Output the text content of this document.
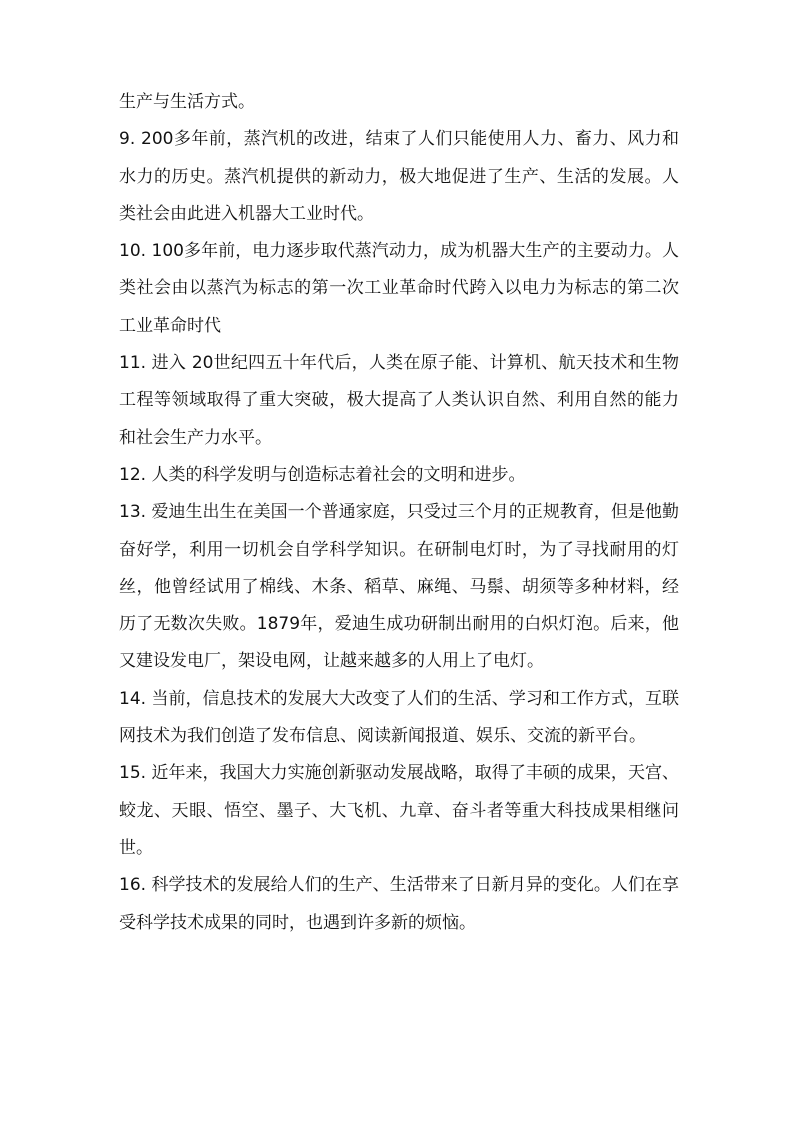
生产与生活方式。

9. 200多年前，蒸汽机的改进，结束了人们只能使用人力、畜力、风力和水力的历史。蒸汽机提供的新动力，极大地促进了生产、生活的发展。人类社会由此进入机器大工业时代。

10. 100多年前，电力逐步取代蒸汽动力，成为机器大生产的主要动力。人类社会由以蒸汽为标志的第一次工业革命时代跨入以电力为标志的第二次工业革命时代

11. 进入 20世纪四五十年代后，人类在原子能、计算机、航天技术和生物工程等领域取得了重大突破，极大提高了人类认识自然、利用自然的能力和社会生产力水平。

12. 人类的科学发明与创造标志着社会的文明和进步。

13. 爱迪生出生在美国一个普通家庭，只受过三个月的正规教育，但是他勤奋好学，利用一切机会自学科学知识。在研制电灯时，为了寻找耐用的灯丝，他曾经试用了棉线、木条、稻草、麻绳、马鬃、胡须等多种材料，经历了无数次失败。1879年，爱迪生成功研制出耐用的白炽灯泡。后来，他又建设发电厂，架设电网，让越来越多的人用上了电灯。

14. 当前，信息技术的发展大大改变了人们的生活、学习和工作方式，互联网技术为我们创造了发布信息、阅读新闻报道、娱乐、交流的新平台。

15. 近年来，我国大力实施创新驱动发展战略，取得了丰硕的成果，天宫、蛟龙、天眼、悟空、墨子、大飞机、九章、奋斗者等重大科技成果相继问世。

16. 科学技术的发展给人们的生产、生活带来了日新月异的变化。人们在享受科学技术成果的同时，也遇到许多新的烦恼。
